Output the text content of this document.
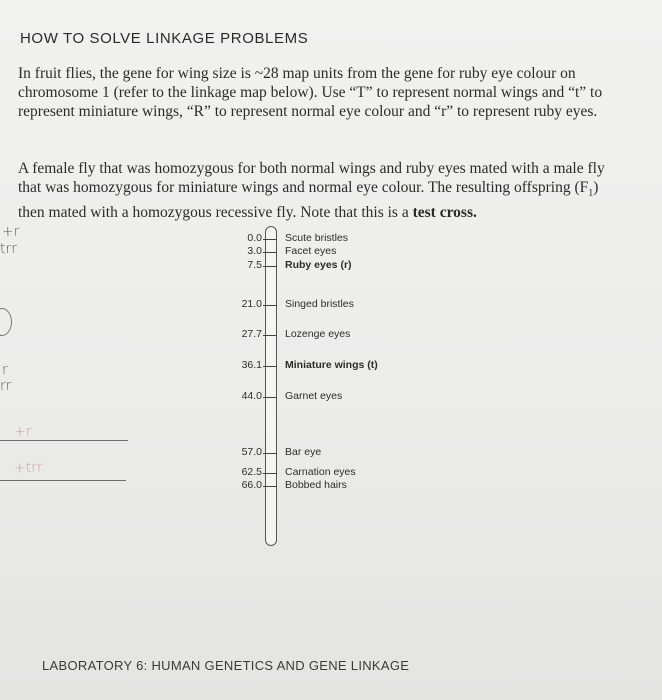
HOW TO SOLVE LINKAGE PROBLEMS

In fruit flies, the gene for wing size is ~28 map units from the gene for ruby eye colour on chromosome 1 (refer to the linkage map below). Use “T” to represent normal wings and “t” to represent miniature wings, “R” to represent normal eye colour and “r” to represent ruby eyes.

A female fly that was homozygous for both normal wings and ruby eyes mated with a male fly that was homozygous for miniature wings and normal eye colour. The resulting offspring $(F_1)$ then mated with a homozygous recessive fly. Note that this is a test cross.

+r
trr
r
rr
+r
+trr
0.0 Scute bristles
3.0 Facet eyes
7.5 Ruby eyes (r)
21.0 Singed bristles
27.7 Lozenge eyes
36.1 Miniature wings (t)
44.0 Garnet eyes
57.0 Bar eye
62.5 Carnation eyes
66.0 Bobbed hairs

LABORATORY 6: HUMAN GENETICS AND GENE LINKAGE
